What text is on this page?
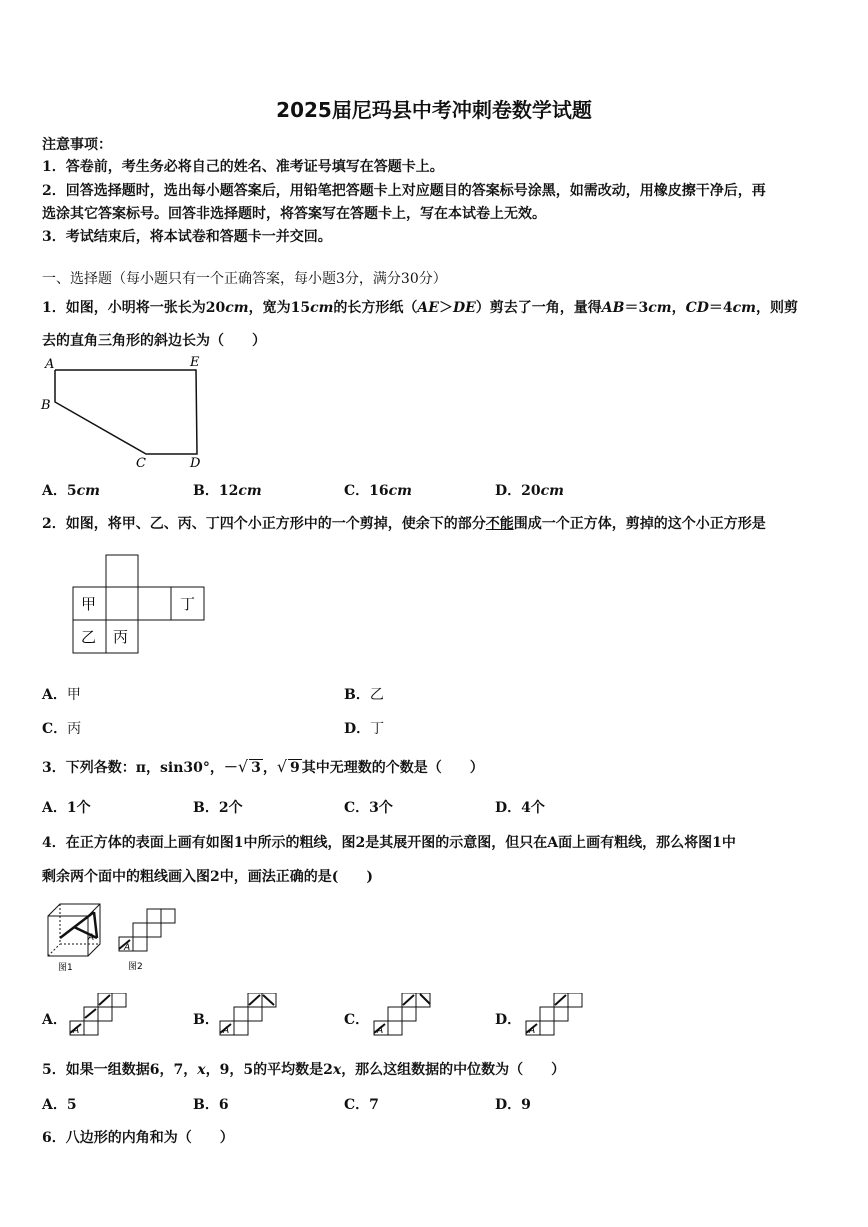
2025届尼玛县中考冲刺卷数学试题
注意事项：
1．答卷前，考生务必将自己的姓名、准考证号填写在答题卡上。
2．回答选择题时，选出每小题答案后，用铅笔把答题卡上对应题目的答案标号涂黑，如需改动，用橡皮擦干净后，再
选涂其它答案标号。回答非选择题时，将答案写在答题卡上，写在本试卷上无效。
3．考试结束后，将本试卷和答题卡一并交回。
一、选择题（每小题只有一个正确答案，每小题3分，满分30分）
1．如图，小明将一张长为20cm，宽为15cm的长方形纸（AE＞DE）剪去了一角，量得AB＝3cm，CD＝4cm，则剪
去的直角三角形的斜边长为（　　）
A	E
B
C	D
A．5cm	B．12cm	C．16cm	D．20cm
2．如图，将甲、乙、丙、丁四个小正方形中的一个剪掉，使余下的部分不能围成一个正方体，剪掉的这个小正方形是
甲	丁
乙 丙
A．甲	B．乙
C．丙	D．丁
3．下列各数：π，sin30°，－√ 3 ，√ 9 其中无理数的个数是（　　）
A．1个	B．2个	C．3个	D．4个
4．在正方体的表面上画有如图1中所示的粗线，图2是其展开图的示意图，但只在A面上画有粗线，那么将图1中
剩余两个面中的粗线画入图2中，画法正确的是(　　)
A
图1
A
图2
A．
A
B．
A
C．
A
D．
A
5．如果一组数据6，7，x，9，5的平均数是2x，那么这组数据的中位数为（　　）
A．5	B．6	C．7	D．9
6．八边形的内角和为（　　）
